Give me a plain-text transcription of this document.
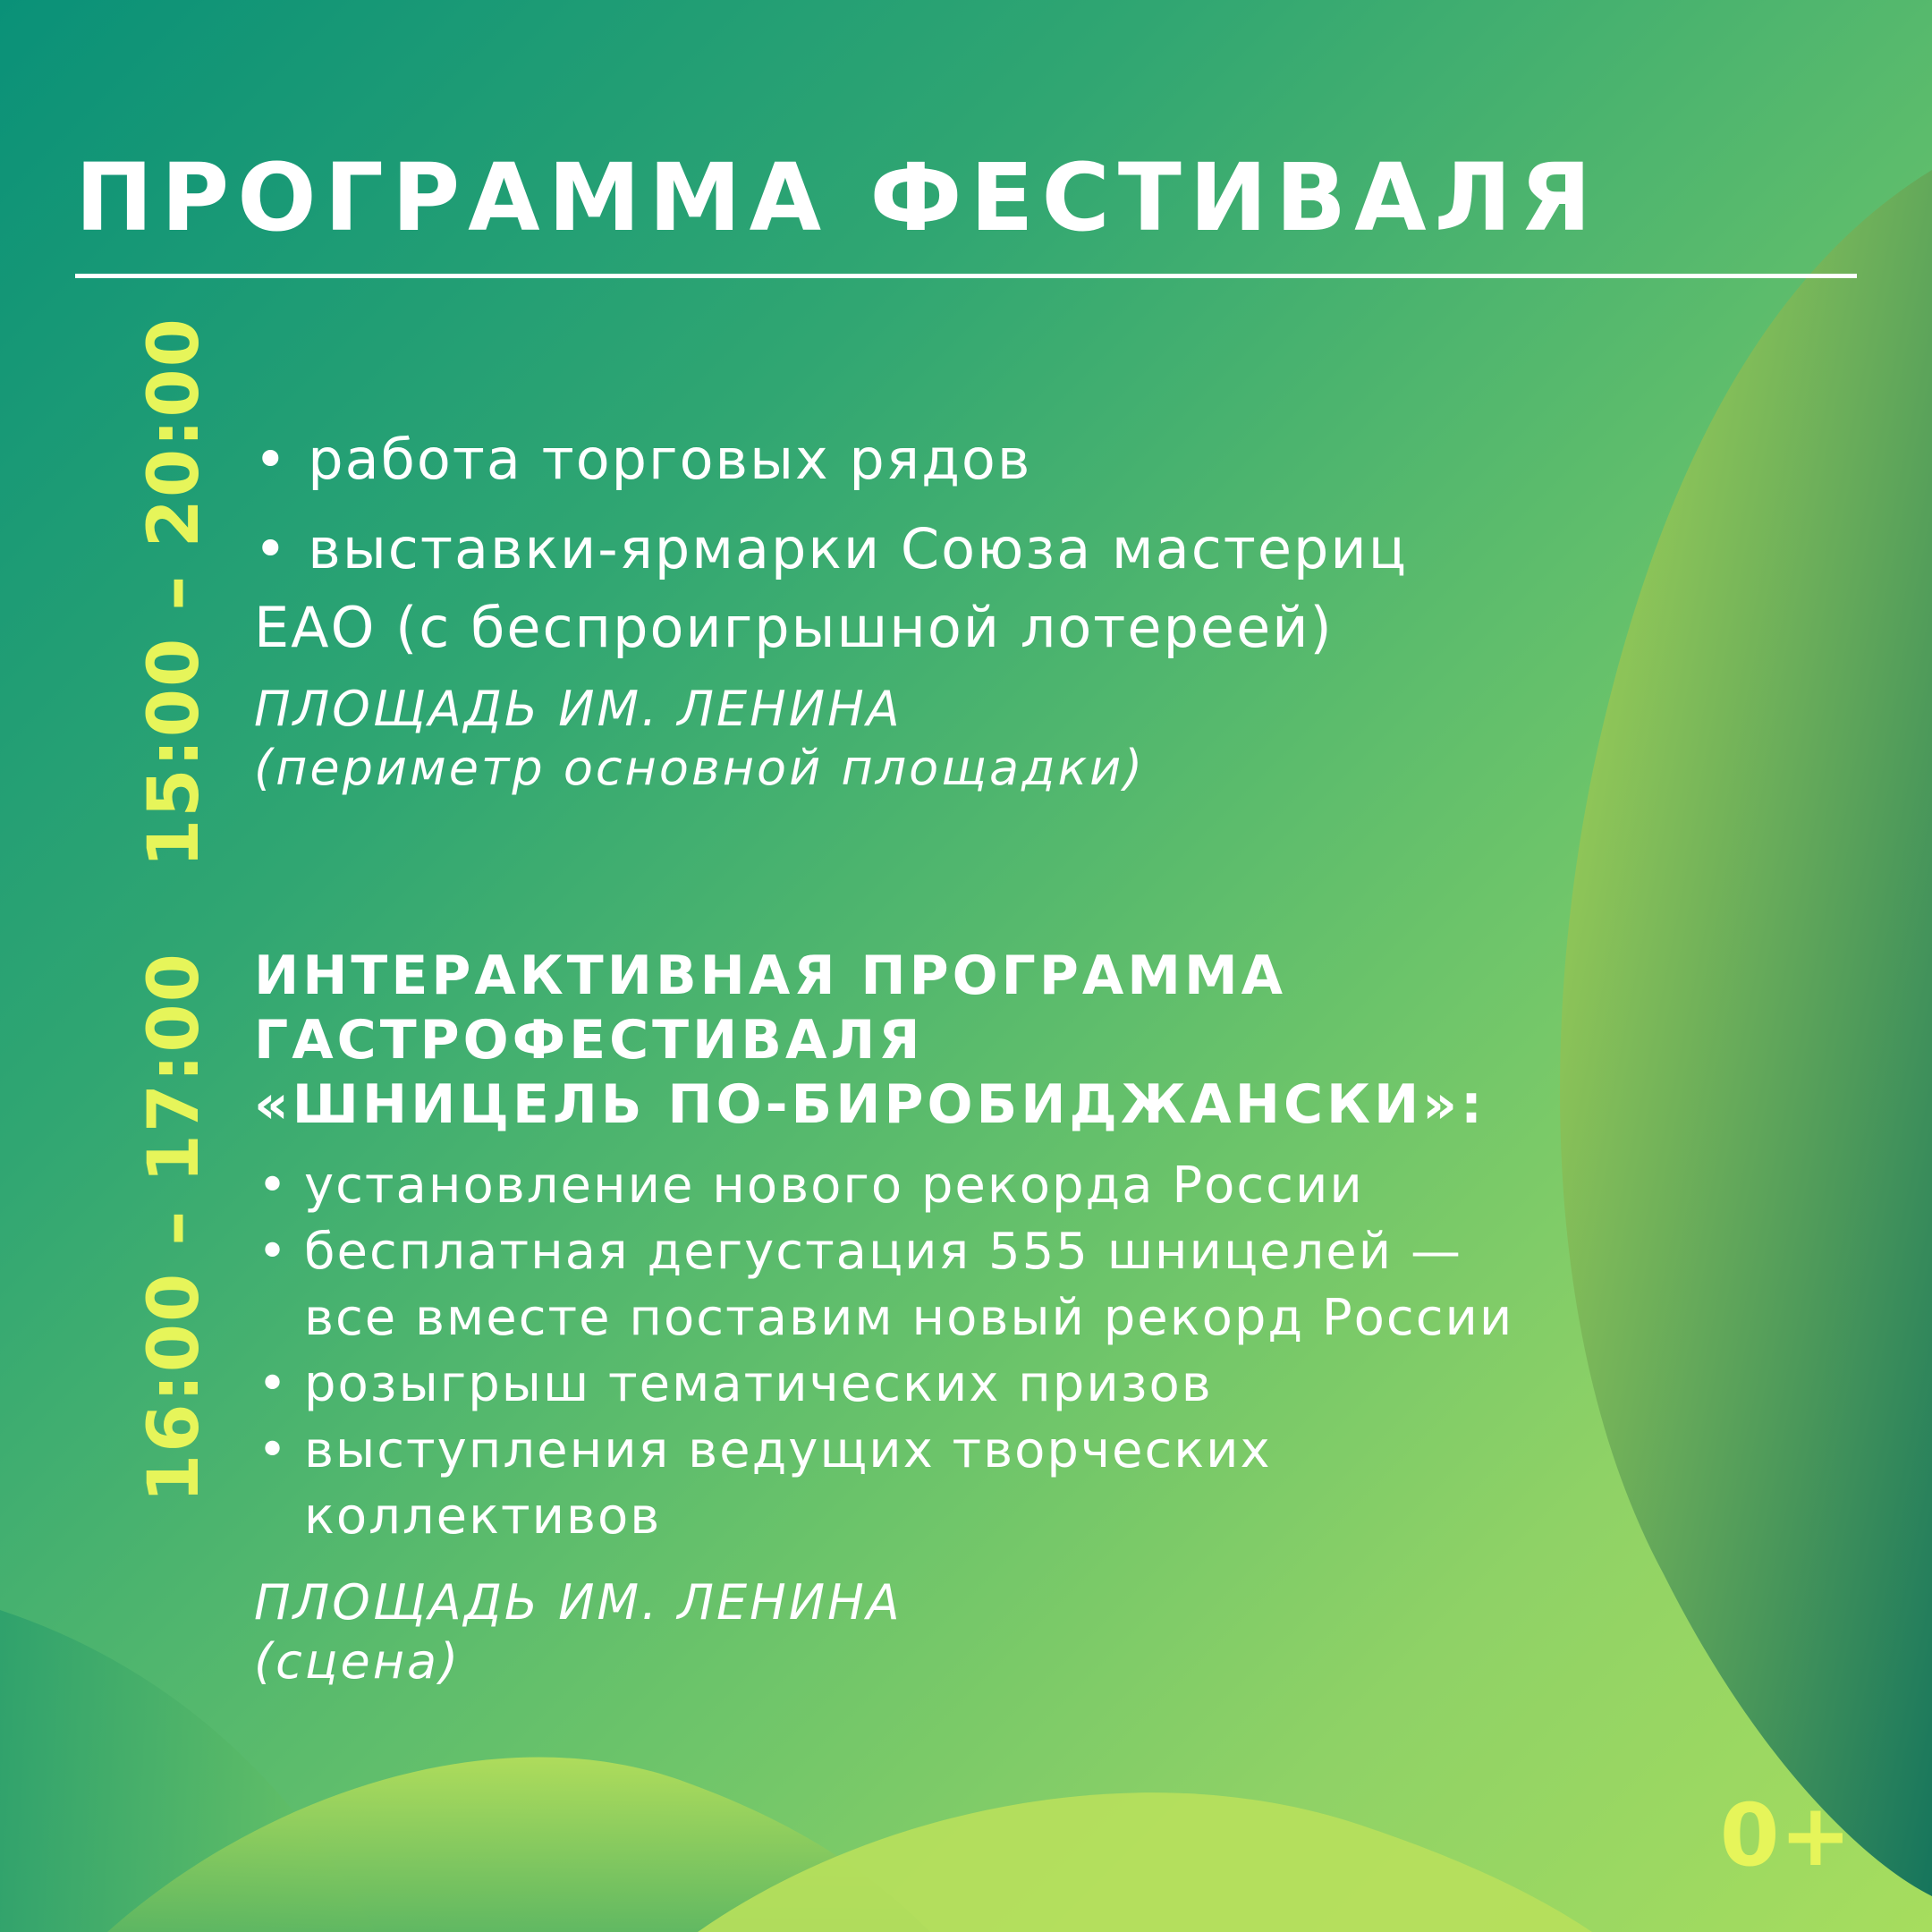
ПРОГРАММА ФЕСТИВАЛЯ
15:00 – 20:00 • работа торговых рядов
• выставки-ярмарки Союза мастериц
ЕАО (с беспроигрышной лотереей)
ПЛОЩАДЬ ИМ. ЛЕНИНА
(периметр основной площадки)
16:00 – 17:00 ИНТЕРАКТИВНАЯ ПРОГРАММА
ГАСТРОФЕСТИВАЛЯ
«ШНИЦЕЛЬ ПО-БИРОБИДЖАНСКИ»:
• установление нового рекорда России
• бесплатная дегустация 555 шницелей —
все вместе поставим новый рекорд России
• розыгрыш тематических призов
• выступления ведущих творческих
коллективов
ПЛОЩАДЬ ИМ. ЛЕНИНА
(сцена)
0+
